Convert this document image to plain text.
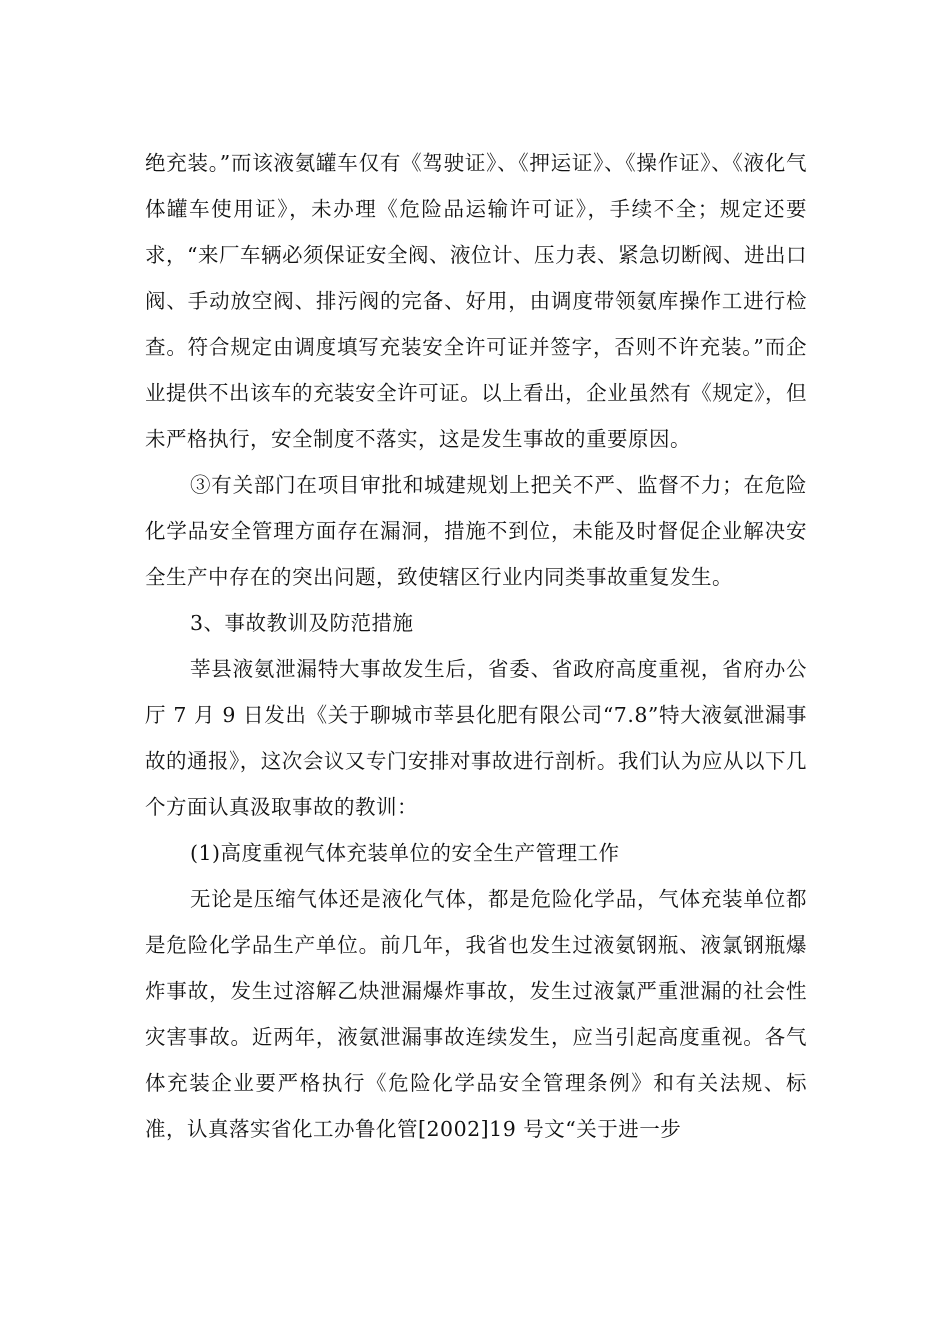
绝充装。”而该液氨罐车仅有《驾驶证》、《押运证》、《操作证》、《液化气体罐车使用证》，未办理《危险品运输许可证》，手续不全；规定还要求，“来厂车辆必须保证安全阀、液位计、压力表、紧急切断阀、进出口阀、手动放空阀、排污阀的完备、好用，由调度带领氨库操作工进行检查。符合规定由调度填写充装安全许可证并签字，否则不许充装。”而企业提供不出该车的充装安全许可证。以上看出，企业虽然有《规定》，但未严格执行，安全制度不落实，这是发生事故的重要原因。

③有关部门在项目审批和城建规划上把关不严、监督不力；在危险化学品安全管理方面存在漏洞，措施不到位，未能及时督促企业解决安全生产中存在的突出问题，致使辖区行业内同类事故重复发生。

3、事故教训及防范措施

莘县液氨泄漏特大事故发生后，省委、省政府高度重视，省府办公厅 7 月 9 日发出《关于聊城市莘县化肥有限公司“7.8”特大液氨泄漏事故的通报》，这次会议又专门安排对事故进行剖析。我们认为应从以下几个方面认真汲取事故的教训：

(1)高度重视气体充装单位的安全生产管理工作

无论是压缩气体还是液化气体，都是危险化学品，气体充装单位都是危险化学品生产单位。前几年，我省也发生过液氨钢瓶、液氯钢瓶爆炸事故，发生过溶解乙炔泄漏爆炸事故，发生过液氯严重泄漏的社会性灾害事故。近两年，液氨泄漏事故连续发生，应当引起高度重视。各气体充装企业要严格执行《危险化学品安全管理条例》和有关法规、标准，认真落实省化工办鲁化管[2002]19 号文“关于进一步
